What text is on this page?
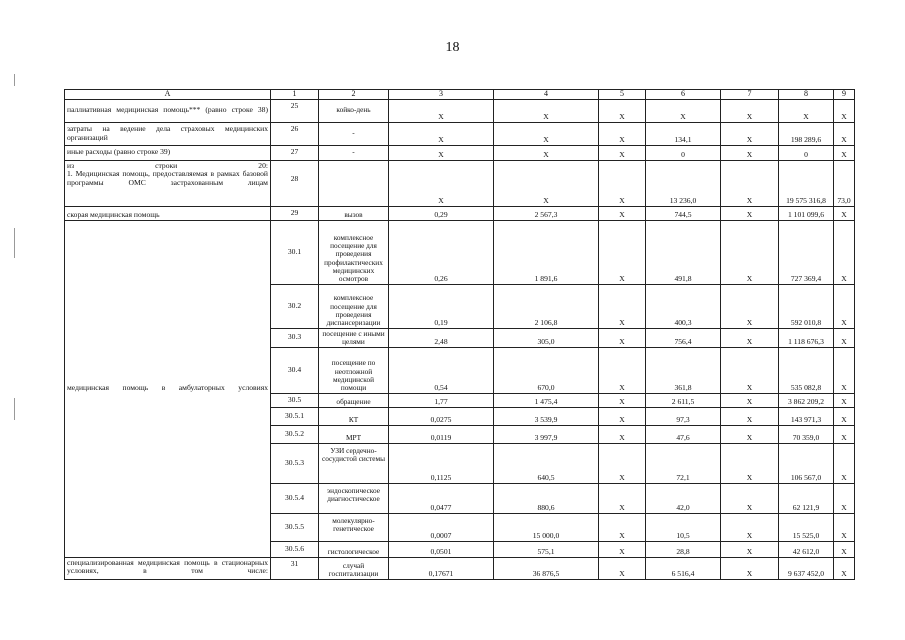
18
А	1	2	3	4	5	6	7	8	9
паллиативная медицинская помощь*** (равно строке 38)	25	койко-день	Х	Х	Х	Х	Х	Х	Х
затраты на ведение дела страховых медицинских организаций	26	-	Х	Х	Х	134,1	Х	198 289,6	Х
иные расходы (равно строке 39)	27	-	Х	Х	Х	0	Х	0	Х

из строки 20:
1. Медицинская помощь, предоставляемая в рамках базовой программы ОМС застрахованным лицам	28		Х	Х	Х	13 236,0	Х	19 575 316,8	73,0
скорая медицинская помощь	29	вызов	0,29	2 567,3	Х	744,5	Х	1 101 099,6	Х
медицинская помощь в амбулаторных условиях	30.1	комплексное посещение для проведения профилактических медицинских осмотров	0,26	1 891,6	Х	491,8	Х	727 369,4	Х
	30.2	комплексное посещение для проведения диспансеризации	0,19	2 106,8	Х	400,3	Х	592 010,8	Х
	30.3	посещение с иными целями	2,48	305,0	Х	756,4	Х	1 118 676,3	Х
	30.4	посещение по неотложной медицинской помощи	0,54	670,0	Х	361,8	Х	535 082,8	Х
	30.5	обращение	1,77	1 475,4	Х	2 611,5	Х	3 862 209,2	Х
	30.5.1	КТ	0,0275	3 539,9	Х	97,3	Х	143 971,3	Х
	30.5.2	МРТ	0,0119	3 997,9	Х	47,6	Х	70 359,0	Х
	30.5.3	УЗИ сердечно-сосудистой системы	0,1125	640,5	Х	72,1	Х	106 567,0	Х
	30.5.4	эндоскопическое диагностическое	0,0477	880,6	Х	42,0	Х	62 121,9	Х
	30.5.5	молекулярно-генетическое	0,0007	15 000,0	Х	10,5	Х	15 525,0	Х
	30.5.6	гистологическое	0,0501	575,1	Х	28,8	Х	42 612,0	Х
специализированная медицинская помощь в стационарных условиях, в том числе:	31	случай госпитализации	0,17671	36 876,5	Х	6 516,4	Х	9 637 452,0	Х
